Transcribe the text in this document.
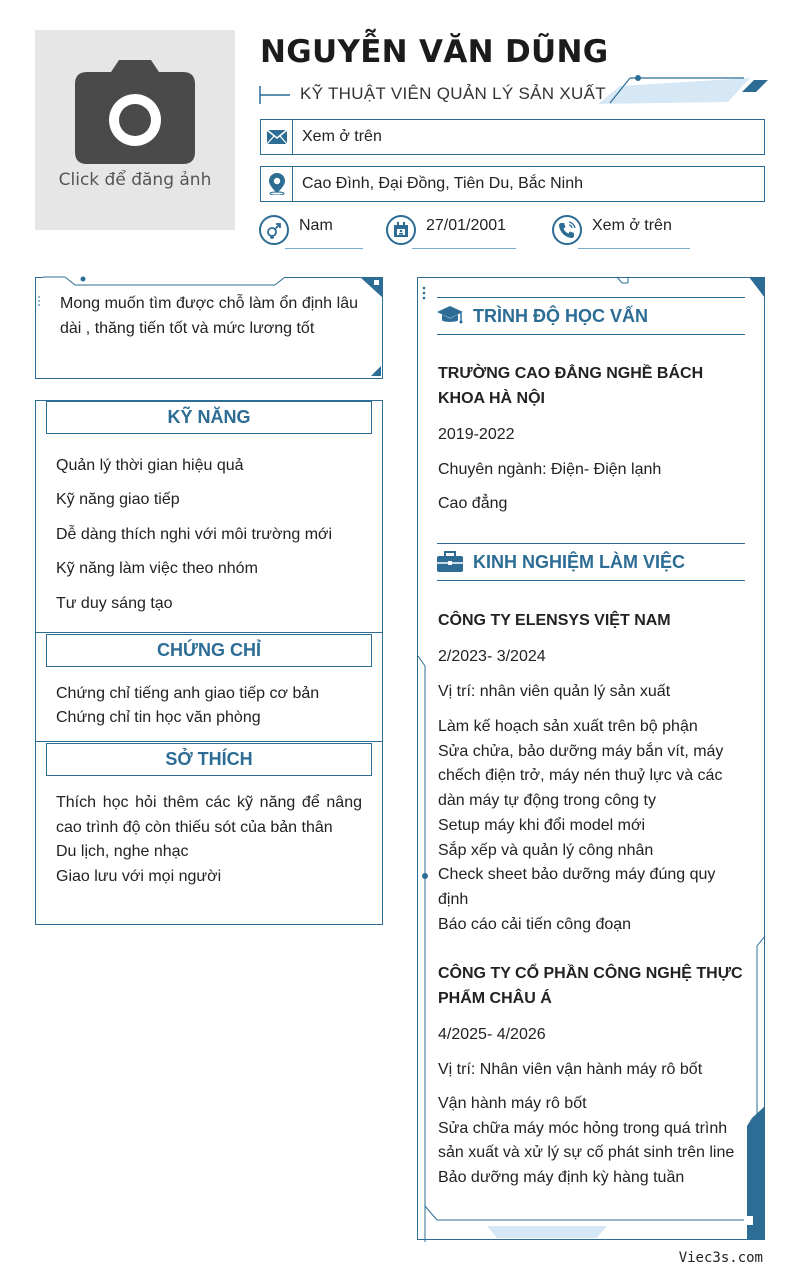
Click để đăng ảnh
NGUYỄN VĂN DŨNG
KỸ THUẬT VIÊN QUẢN LÝ SẢN XUẤT
Xem ở trên
Cao Đình, Đại Đồng, Tiên Du, Bắc Ninh
Nam	27/01/2001	Xem ở trên

Mong muốn tìm được chỗ làm ổn định lâu dài , thăng tiến tốt và mức lương tốt

KỸ NĂNG
Quản lý thời gian hiệu quả
Kỹ năng giao tiếp
Dễ dàng thích nghi với môi trường mới
Kỹ năng làm việc theo nhóm
Tư duy sáng tạo
CHỨNG CHỈ
Chứng chỉ tiếng anh giao tiếp cơ bản
Chứng chỉ tin học văn phòng
SỞ THÍCH
Thích học hỏi thêm các kỹ năng để nâng cao trình độ còn thiếu sót của bản thân
Du lịch, nghe nhạc
Giao lưu với mọi người
TRÌNH ĐỘ HỌC VẤN
TRƯỜNG CAO ĐẲNG NGHỀ BÁCH KHOA HÀ NỘI
2019-2022
Chuyên ngành: Điện- Điện lạnh
Cao đẳng
KINH NGHIỆM LÀM VIỆC
CÔNG TY ELENSYS VIỆT NAM
2/2023- 3/2024
Vị trí: nhân viên quản lý sản xuất
Làm kế hoạch sản xuất trên bộ phận
Sửa chửa, bảo dưỡng máy bắn vít, máy chếch điện trở, máy nén thuỷ lực và các dàn máy tự động trong công ty
Setup máy khi đổi model mới
Sắp xếp và quản lý công nhân
Check sheet bảo dưỡng máy đúng quy định
Báo cáo cải tiến công đoạn
CÔNG TY CỔ PHẦN CÔNG NGHỆ THỰC PHẨM CHÂU Á
4/2025- 4/2026
Vị trí: Nhân viên vận hành máy rô bốt
Vận hành máy rô bốt
Sửa chữa máy móc hỏng trong quá trình sản xuất và xử lý sự cố phát sinh trên line
Bảo dưỡng máy định kỳ hàng tuần
Viec3s.com
